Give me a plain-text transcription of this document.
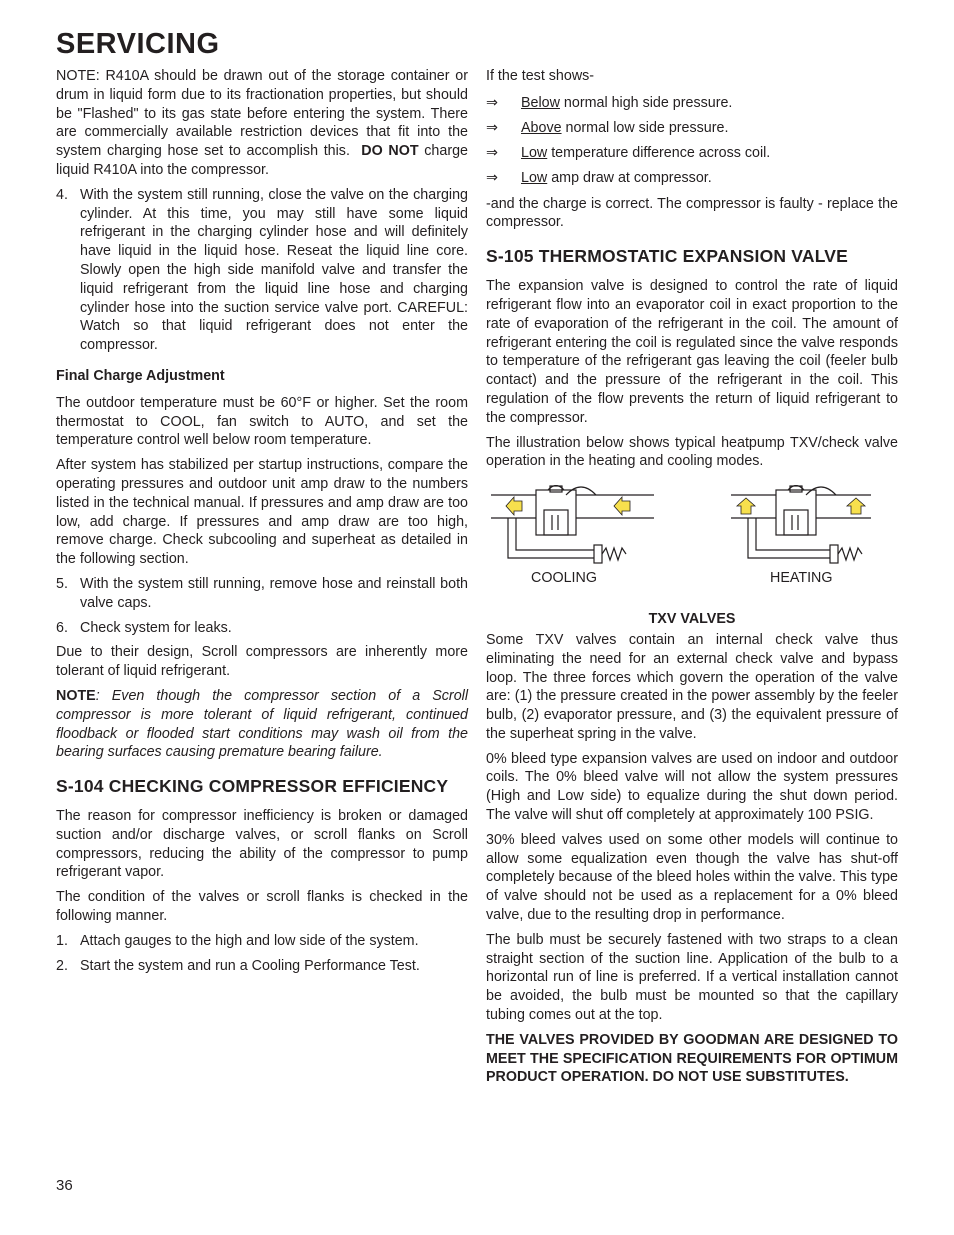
SERVICING

NOTE: R410A should be drawn out of the storage container or drum in liquid form due to its fractionation properties, but should be "Flashed" to its gas state before entering the system. There are commercially available restriction devices that fit into the system charging hose set to accomplish this. DO NOT charge liquid R410A into the compressor.

4. With the system still running, close the valve on the charging cylinder. At this time, you may still have some liquid refrigerant in the charging cylinder hose and will definitely have liquid in the liquid hose. Reseat the liquid line core. Slowly open the high side manifold valve and transfer the liquid refrigerant from the liquid line hose and charging cylinder hose into the suction service valve port. CAREFUL: Watch so that liquid refrigerant does not enter the compressor.
Final Charge Adjustment

The outdoor temperature must be 60°F or higher. Set the room thermostat to COOL, fan switch to AUTO, and set the temperature control well below room temperature.

After system has stabilized per startup instructions, compare the operating pressures and outdoor unit amp draw to the numbers listed in the technical manual. If pressures and amp draw are too low, add charge. If pressures and amp draw are too high, remove charge. Check subcooling and superheat as detailed in the following section.

5. With the system still running, remove hose and reinstall both valve caps.
6. Check system for leaks.

Due to their design, Scroll compressors are inherently more tolerant of liquid refrigerant.

NOTE: Even though the compressor section of a Scroll compressor is more tolerant of liquid refrigerant, continued floodback or flooded start conditions may wash oil from the bearing surfaces causing premature bearing failure.

S-104 CHECKING COMPRESSOR EFFICIENCY

The reason for compressor inefficiency is broken or damaged suction and/or discharge valves, or scroll flanks on Scroll compressors, reducing the ability of the compressor to pump refrigerant vapor.

The condition of the valves or scroll flanks is checked in the following manner.

1. Attach gauges to the high and low side of the system.
2. Start the system and run a Cooling Performance Test.

If the test shows-

⇒	Below normal high side pressure.
⇒	Above normal low side pressure.
⇒	Low temperature difference across coil.
⇒	Low amp draw at compressor.

-and the charge is correct. The compressor is faulty - replace the compressor.

S-105 THERMOSTATIC EXPANSION VALVE

The expansion valve is designed to control the rate of liquid refrigerant flow into an evaporator coil in exact proportion to the rate of evaporation of the refrigerant in the coil. The amount of refrigerant entering the coil is regulated since the valve responds to temperature of the refrigerant gas leaving the coil (feeler bulb contact) and the pressure of the refrigerant in the coil. This regulation of the flow prevents the return of liquid refrigerant to the compressor.

The illustration below shows typical heatpump TXV/check valve operation in the heating and cooling modes.

COOLING	HEATING
TXV VALVES

Some TXV valves contain an internal check valve thus eliminating the need for an external check valve and bypass loop. The three forces which govern the operation of the valve are: (1) the pressure created in the power assembly by the feeler bulb, (2) evaporator pressure, and (3) the equivalent pressure of the superheat spring in the valve.

0% bleed type expansion valves are used on indoor and outdoor coils. The 0% bleed valve will not allow the system pressures (High and Low side) to equalize during the shut down period. The valve will shut off completely at approximately 100 PSIG.

30% bleed valves used on some other models will continue to allow some equalization even though the valve has shut-off completely because of the bleed holes within the valve. This type of valve should not be used as a replacement for a 0% bleed valve, due to the resulting drop in performance.

The bulb must be securely fastened with two straps to a clean straight section of the suction line. Application of the bulb to a horizontal run of line is preferred. If a vertical installation cannot be avoided, the bulb must be mounted so that the capillary tubing comes out at the top.

THE VALVES PROVIDED BY GOODMAN ARE DESIGNED TO MEET THE SPECIFICATION REQUIREMENTS FOR OPTIMUM PRODUCT OPERATION. DO NOT USE SUBSTITUTES.

36
